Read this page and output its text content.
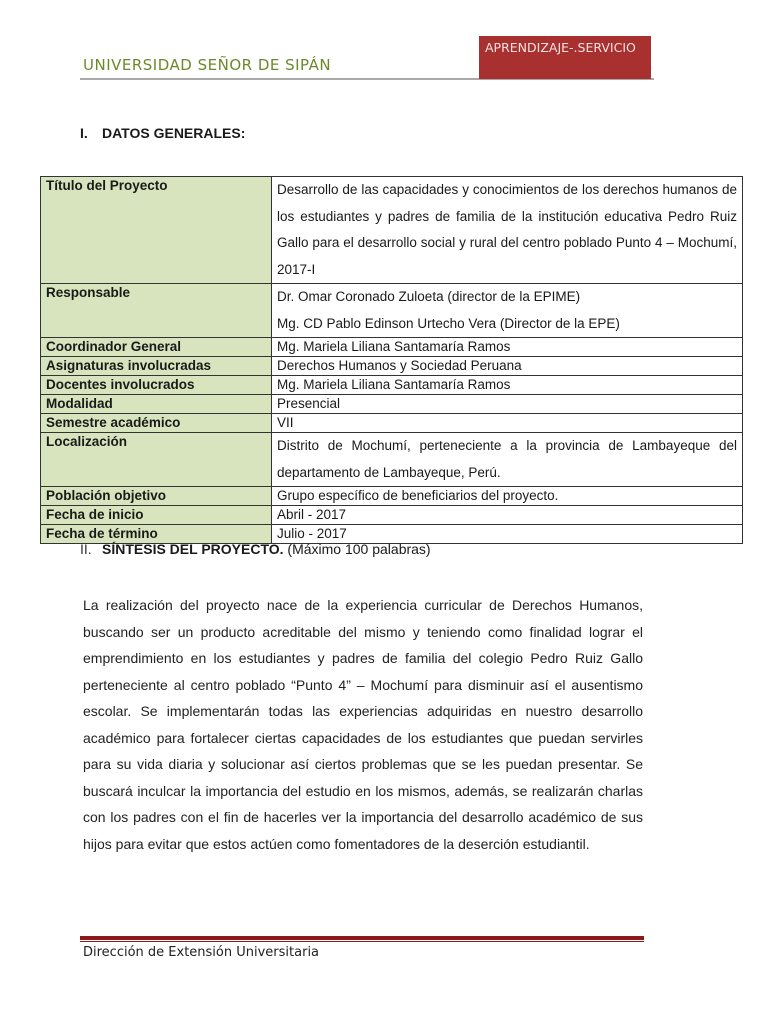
UNIVERSIDAD SEÑOR DE SIPÁN
APRENDIZAJE-.SERVICIO
I. DATOS GENERALES:
Título del Proyecto	Desarrollo de las capacidades y conocimientos de los derechos humanos de los estudiantes y padres de familia de la institución educativa Pedro Ruiz Gallo para el desarrollo social y rural del centro poblado Punto 4 – Mochumí, 2017-I
Responsable	Dr. Omar Coronado Zuloeta (director de la EPIME)
Mg. CD Pablo Edinson Urtecho Vera (Director de la EPE)

Coordinador General	Mg. Mariela Liliana Santamaría Ramos
Asignaturas involucradas	Derechos Humanos y Sociedad Peruana
Docentes involucrados	Mg. Mariela Liliana Santamaría Ramos
Modalidad	Presencial
Semestre académico	VII
Localización	Distrito de Mochumí, perteneciente a la provincia de Lambayeque del departamento de Lambayeque, Perú.
Población objetivo	Grupo específico de beneficiarios del proyecto.
Fecha de inicio	Abril - 2017
Fecha de término	Julio - 2017
II. SÍNTESIS DEL PROYECTO. (Máximo 100 palabras)
La realización del proyecto nace de la experiencia curricular de Derechos Humanos, buscando ser un producto acreditable del mismo y teniendo como finalidad lograr el emprendimiento en los estudiantes y padres de familia del colegio Pedro Ruiz Gallo perteneciente al centro poblado “Punto 4” – Mochumí para disminuir así el ausentismo escolar. Se implementarán todas las experiencias adquiridas en nuestro desarrollo académico para fortalecer ciertas capacidades de los estudiantes que puedan servirles para su vida diaria y solucionar así ciertos problemas que se les puedan presentar. Se buscará inculcar la importancia del estudio en los mismos, además, se realizarán charlas con los padres con el fin de hacerles ver la importancia del desarrollo académico de sus hijos para evitar que estos actúen como fomentadores de la deserción estudiantil.
Dirección de Extensión Universitaria
